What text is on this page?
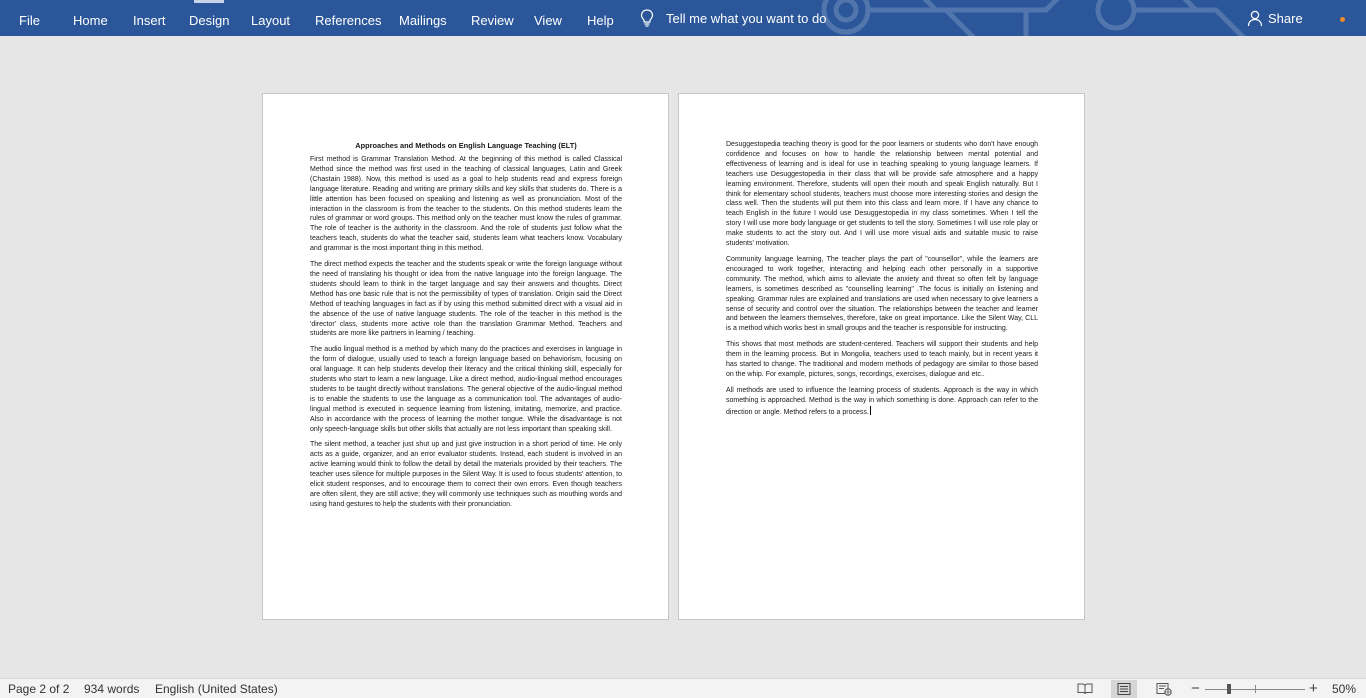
File	Home Insert Design Layout References Mailings Review View Help	Tell me what you want to do	Share
Approaches and Methods on English Language Teaching (ELT)

First method is Grammar Translation Method. At the beginning of this method is called Classical Method since the method was first used in the teaching of classical languages, Latin and Greek (Chastain 1988). Now, this method is used as a goal to help students read and express foreign language literature. Reading and writing are primary skills and key skills that students do. There is a little attention has been focused on speaking and listening as well as pronunciation. Most of the interaction in the classroom is from the teacher to the students. On this method students learn the rules of grammar or word groups. This method only on the teacher must know the rules of grammar. The role of teacher is the authority in the classroom. And the role of students just follow what the teachers teach, students do what the teacher said, students learn what teachers know. Vocabulary and grammar is the most important thing in this method.

The direct method expects the teacher and the students speak or write the foreign language without the need of translating his thought or idea from the native language into the foreign language. The students should learn to think in the target language and say their answers and thoughts. Direct Method has one basic rule that is not the permissibility of types of translation. Origin said the Direct Method of teaching languages in fact as if by using this method submitted direct with a visual aid in the absence of the use of native language students. The role of the teacher in this method is the 'director' class, students more active role than the translation Grammar Method. Teachers and students are more like partners in learning / teaching.

The audio lingual method is a method by which many do the practices and exercises in language in the form of dialogue, usually used to teach a foreign language based on behaviorism, focusing on oral language. It can help students develop their literacy and the critical thinking skill, especially for students who start to learn a new language. Like a direct method, audio-lingual method encourages students to be taught directly without translations. The general objective of the audio-lingual method is to enable the students to use the language as a communication tool. The advantages of audio-lingual method is executed in sequence learning from listening, imitating, memorize, and practice. Also in accordance with the process of learning the mother tongue. While the disadvantage is not only speech-language skills but other skills that actually are not less important than speaking skill.

The silent method, a teacher just shut up and just give instruction in a short period of time. He only acts as a guide, organizer, and an error evaluator students. Instead, each student is involved in an active learning would think to follow the detail by detail the materials provided by their teachers. The teacher uses silence for multiple purposes in the Silent Way. It is used to focus students' attention, to elicit student responses, and to encourage them to correct their own errors. Even though teachers are often silent, they are still active; they will commonly use techniques such as mouthing words and using hand gestures to help the students with their pronunciation.

Desuggestopedia teaching theory is good for the poor learners or students who don't have enough confidence and focuses on how to handle the relationship between mental potential and effectiveness of learning and is ideal for use in teaching speaking to young language learners. If teachers use Desuggestopedia in their class that will be provide safe atmosphere and a happy learning environment. Therefore, students will open their mouth and speak English naturally. But I think for elementary school students, teachers must choose more interesting stories and design the class well. Then the students will put them into this class and learn more. If I have any chance to teach English in the future I would use Desuggestopedia in my class sometimes. When I tell the story I will use more body language or get students to tell the story. Sometimes I will use role play or make students to act the story out. And I will use more visual aids and suitable music to raise students' motivation.

Community language learning, The teacher plays the part of "counsellor", while the learners are encouraged to work together, interacting and helping each other personally in a supportive community. The method, which aims to alleviate the anxiety and threat so often felt by language learners, is sometimes described as "counselling learning" .The focus is initially on listening and speaking. Grammar rules are explained and translations are used when necessary to give learners a sense of security and control over the situation. The relationships between the teacher and learner and between the learners themselves, therefore, take on great importance. Like the Silent Way, CLL is a method which works best in small groups and the teacher is responsible for instructing.

This shows that most methods are student-centered. Teachers will support their students and help them in the learning process. But in Mongolia, teachers used to teach mainly, but in recent years it has started to change. The traditional and modern methods of pedagogy are similar to those based on the whip. For example, pictures, songs, recordings, exercises, dialogue and etc..

All methods are used to influence the learning process of students. Approach is the way in which something is approached. Method is the way in which something is done. Approach can refer to the direction or angle. Method refers to a process.

Page 2 of 2 934 words English (United States)	−	+ 50%
